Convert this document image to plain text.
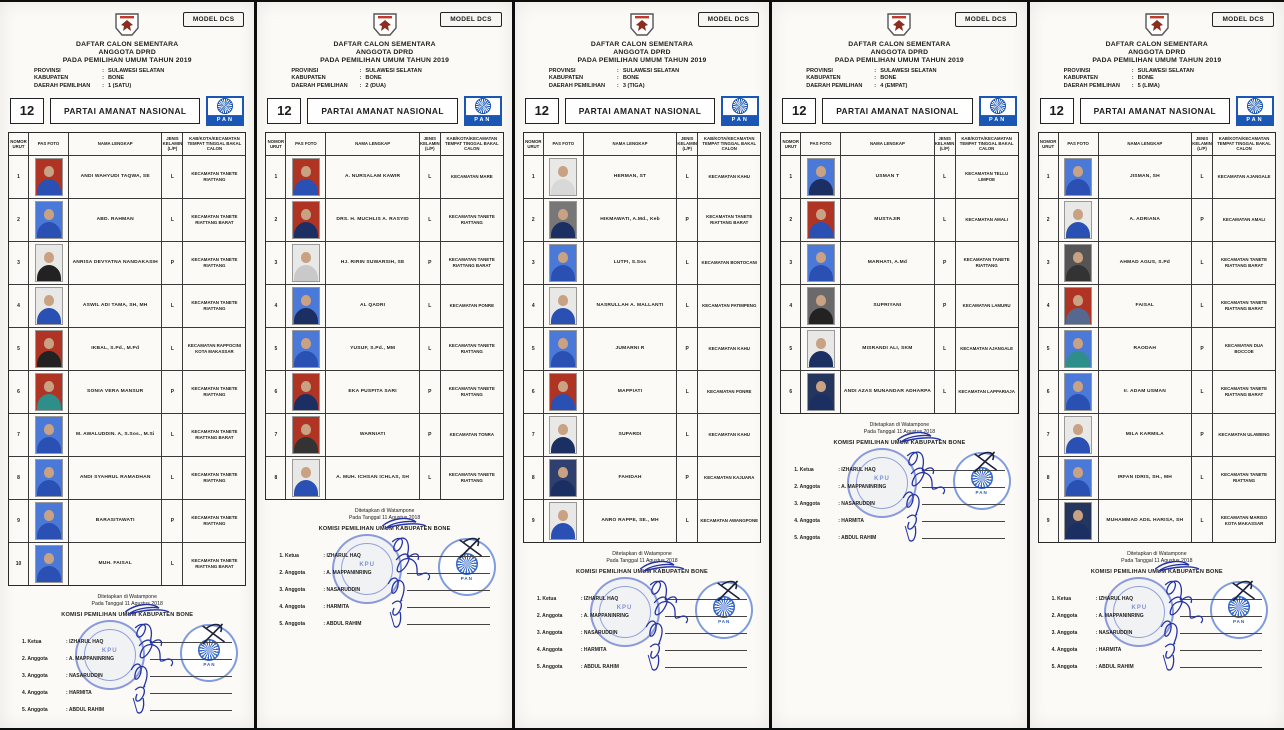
MODEL DCS
DAFTAR CALON SEMENTARA
ANGGOTA DPRD
PADA PEMILIHAN UMUM TAHUN 2019
PROVINSI	: SULAWESI SELATAN
KABUPATEN	: BONE
DAERAH PEMILIHAN	: 1 (SATU)
12	PARTAI AMANAT NASIONAL
PAN
NOMOR URUT
PAS FOTO	NAMA LENGKAP
JENIS KELAMIN (L/P)
KAB/KOTA/KECAMATAN TEMPAT TINGGAL BAKAL CALON
1	ANDI WAHYUDI TAQWA, SE	L	KECAMATAN TANETE RIATTANG
2	ABD. RAHMAN	L	KECAMATAN TANETE RIATTANG BARAT
3	ANRISA DEVYATNA NANDAKASIH	P	KECAMATAN TANETE RIATTANG
4	ASWIL ADI TAMA, SH, MH	L	KECAMATAN TANETE RIATTANG
5	IKBAL, S.Pd., M.Pd	L	KECAMATAN RAPPOCINI KOTA MAKASSAR
6	SONIA VERA MANSUR	P	KECAMATAN TANETE RIATTANG
7	M. AWALUDDIN. A, S.Sos., M.Si	L	KECAMATAN TANETE RIATTANG BARAT
8	ANDI SYAHRUL RAMADHAN	L	KECAMATAN TANETE RIATTANG
9	BARASITAWATI	P	KECAMATAN TANETE RIATTANG
10	MUH. FAISAL	L	KECAMATAN TANETE RIATTANG BARAT
Ditetapkan di Watampone
Pada Tanggal 11 Agustus 2018
KOMISI PEMILIHAN UMUM KABUPATEN BONE
KPU
PAN
1. Ketua	: IZHARUL HAQ
2. Anggota	: A. MAPPANINRING
3. Anggota	: NASARUDDIN
4. Anggota	: HARMITA
5. Anggota	: ABDUL RAHIM
MODEL DCS
DAFTAR CALON SEMENTARA
ANGGOTA DPRD
PADA PEMILIHAN UMUM TAHUN 2019
PROVINSI	: SULAWESI SELATAN
KABUPATEN	: BONE
DAERAH PEMILIHAN	: 2 (DUA)
12	PARTAI AMANAT NASIONAL
PAN
NOMOR URUT
PAS FOTO	NAMA LENGKAP
JENIS KELAMIN (L/P)
KAB/KOTA/KECAMATAN TEMPAT TINGGAL BAKAL CALON
1	A. NURSALAM KAWIR	L	KECAMATAN MARE
2	DRS. H. MUCHLIS A. RASYID	L	KECAMATAN TANETE RIATTANG
3	HJ. RIRIN SUWARSIH, SE	P	KECAMATAN TANETE RIATTANG BARAT
4	AL QADRI	L	KECAMATAN PONRE
5	YUSUF, S.Pd., MM	L	KECAMATAN TANETE RIATTANG
6	EKA PUSPITA SARI	P	KECAMATAN TANETE RIATTANG
7	WARNIATI	P	KECAMATAN TONRA
8	A. MUH. ICHSAN ICHLAS, SH	L	KECAMATAN TANETE RIATTANG
Ditetapkan di Watampone
Pada Tanggal 11 Agustus 2018
KOMISI PEMILIHAN UMUM KABUPATEN BONE
KPU
PAN
1. Ketua	: IZHARUL HAQ
2. Anggota	: A. MAPPANINRING
3. Anggota	: NASARUDDIN
4. Anggota	: HARMITA
5. Anggota	: ABDUL RAHIM
MODEL DCS
DAFTAR CALON SEMENTARA
ANGGOTA DPRD
PADA PEMILIHAN UMUM TAHUN 2019
PROVINSI	: SULAWESI SELATAN
KABUPATEN	: BONE
DAERAH PEMILIHAN	: 3 (TIGA)
12	PARTAI AMANAT NASIONAL
PAN
NOMOR URUT
PAS FOTO	NAMA LENGKAP
JENIS KELAMIN (L/P)
KAB/KOTA/KECAMATAN TEMPAT TINGGAL BAKAL CALON
1	HERMAN, ST	L	KECAMATAN KAHU
2	HIKMAWATI, A.Md., Keb	P	KECAMATAN TANETE RIATTANG BARAT
3	LUTFI, S.Sos	L	KECAMATAN BONTOCANI
4	NASRULLAH A. MALLANTI	L	KECAMATAN PATIMPENG
5	JUMARNI R	P	KECAMATAN KAHU
6	MAPPIATI	L	KECAMATAN PONRE
7	SUPARDI	L	KECAMATAN KAHU
8	FAHIDAH	P	KECAMATAN KAJUARA
9	ANRO RAPPE, SE., MH	L	KECAMATAN AWANGPONE
Ditetapkan di Watampone
Pada Tanggal 11 Agustus 2018
KOMISI PEMILIHAN UMUM KABUPATEN BONE
KPU
PAN
1. Ketua	: IZHARUL HAQ
2. Anggota	: A. MAPPANINRING
3. Anggota	: NASARUDDIN
4. Anggota	: HARMITA
5. Anggota	: ABDUL RAHIM
MODEL DCS
DAFTAR CALON SEMENTARA
ANGGOTA DPRD
PADA PEMILIHAN UMUM TAHUN 2019
PROVINSI	: SULAWESI SELATAN
KABUPATEN	: BONE
DAERAH PEMILIHAN	: 4 (EMPAT)
12	PARTAI AMANAT NASIONAL
PAN
NOMOR URUT
PAS FOTO	NAMA LENGKAP
JENIS KELAMIN (L/P)
KAB/KOTA/KECAMATAN TEMPAT TINGGAL BAKAL CALON
1	USMAN T	L	KECAMATAN TELLU LIMPOE
2	MUSTAJIR	L	KECAMATAN AMALI
3	MARHATI, A.Md	P	KECAMATAN TANETE RIATTANG
4	SUPRIYANI	P	KECAMATAN LAMURU
5	MISRANDI ALI, SKM	L	KECAMATAN AJANGALE
6	ANDI AZAS MUNANDAR ADHARPA	L	KECAMATAN LAPPARIAJA
Ditetapkan di Watampone
Pada Tanggal 11 Agustus 2018
KOMISI PEMILIHAN UMUM KABUPATEN BONE
KPU
PAN
1. Ketua	: IZHARUL HAQ
2. Anggota	: A. MAPPANINRING
3. Anggota	: NASARUDDIN
4. Anggota	: HARMITA
5. Anggota	: ABDUL RAHIM
MODEL DCS
DAFTAR CALON SEMENTARA
ANGGOTA DPRD
PADA PEMILIHAN UMUM TAHUN 2019
PROVINSI	: SULAWESI SELATAN
KABUPATEN	: BONE
DAERAH PEMILIHAN	: 5 (LIMA)
12	PARTAI AMANAT NASIONAL
PAN
NOMOR URUT
PAS FOTO	NAMA LENGKAP
JENIS KELAMIN (L/P)
KAB/KOTA/KECAMATAN TEMPAT TINGGAL BAKAL CALON
1	JISMAN, SH	L	KECAMATAN AJANGALE
2	A. ADRIANA	P	KECAMATAN AMALI
3	AHMAD AGUS, S.Pd	L	KECAMATAN TANETE RIATTANG BARAT
4	FAISAL	L	KECAMATAN TANETE RIATTANG BARAT
5	RAODAH	P	KECAMATAN DUA BOCCOE
6	Ir. ADAM USMAN	L	KECAMATAN TANETE RIATTANG BARAT
7	MILA KARMILA	P	KECAMATAN ULAWENG
8	IRFAN IDRIS, SH., MH	L	KECAMATAN TANETE RIATTANG
9	MUHAMMAD ADIL HARISA, SH	L	KECAMATAN MARISO KOTA MAKASSAR
Ditetapkan di Watampone
Pada Tanggal 11 Agustus 2018
KOMISI PEMILIHAN UMUM KABUPATEN BONE
KPU
PAN
1. Ketua	: IZHARUL HAQ
2. Anggota	: A. MAPPANINRING
3. Anggota	: NASARUDDIN
4. Anggota	: HARMITA
5. Anggota	: ABDUL RAHIM
